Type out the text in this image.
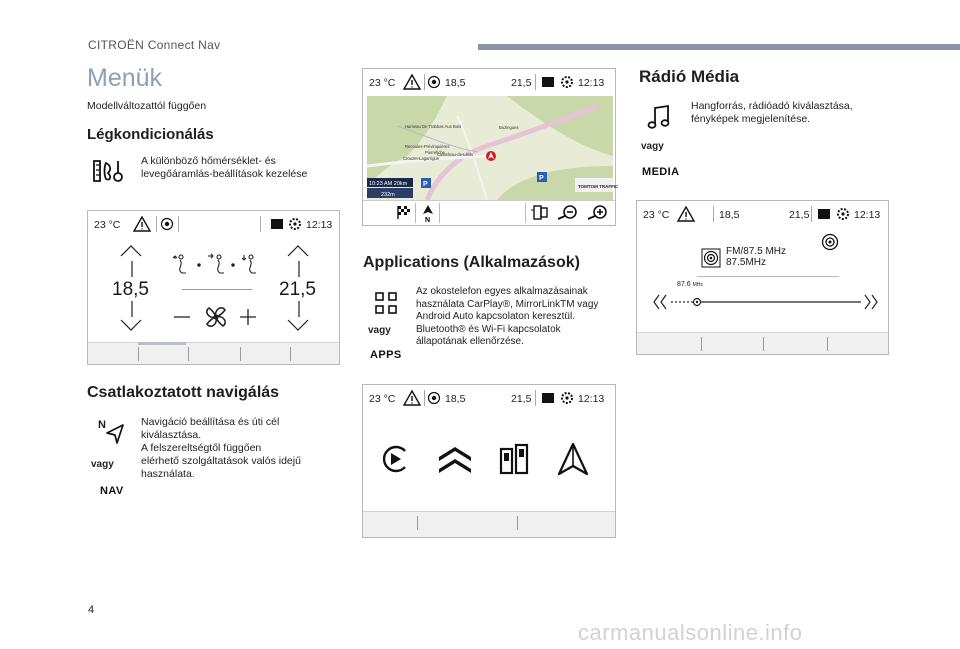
CITROËN Connect Nav
Menük
Modellváltozattól függően
Légkondicionálás
A különböző hőmérséklet- és
levegőáramlás-beállítások kezelése
23 °C	12:13
18,5	21,5
Csatlakoztatott navigálás
N
vagy
NAV
Navigáció beállítása és úti cél
kiválasztása.
A felszereltségtől függően
elérhető szolgáltatások valós idejű
használata.
23 °C	18,5	21,5	12:13
Hameau De Trabbas Aux Bois	Buzingues
Recoules-Prévinquières
Pierrefiche
Crouzet-Lagarrigue
Castelnau-de-Lévis
10:23 AM 20km
232m
P
P
TOMTOM TRAFFIC
N
Applications (Alkalmazások)
vagy
APPS
Az okostelefon egyes alkalmazásainak
használata CarPlay®, MirrorLinkTM vagy
Android Auto kapcsolaton keresztül.
Bluetooth® és Wi-Fi kapcsolatok
állapotának ellenőrzése.
23 °C	18,5	21,5	12:13
Rádió Média
vagy
MEDIA
Hangforrás, rádióadó kiválasztása,
fényképek megjelenítése.
23 °C	18,5	21,5	12:13
FM/87.5 MHz
87.5MHz
87.6 MHz
4
carmanualsonline.info
